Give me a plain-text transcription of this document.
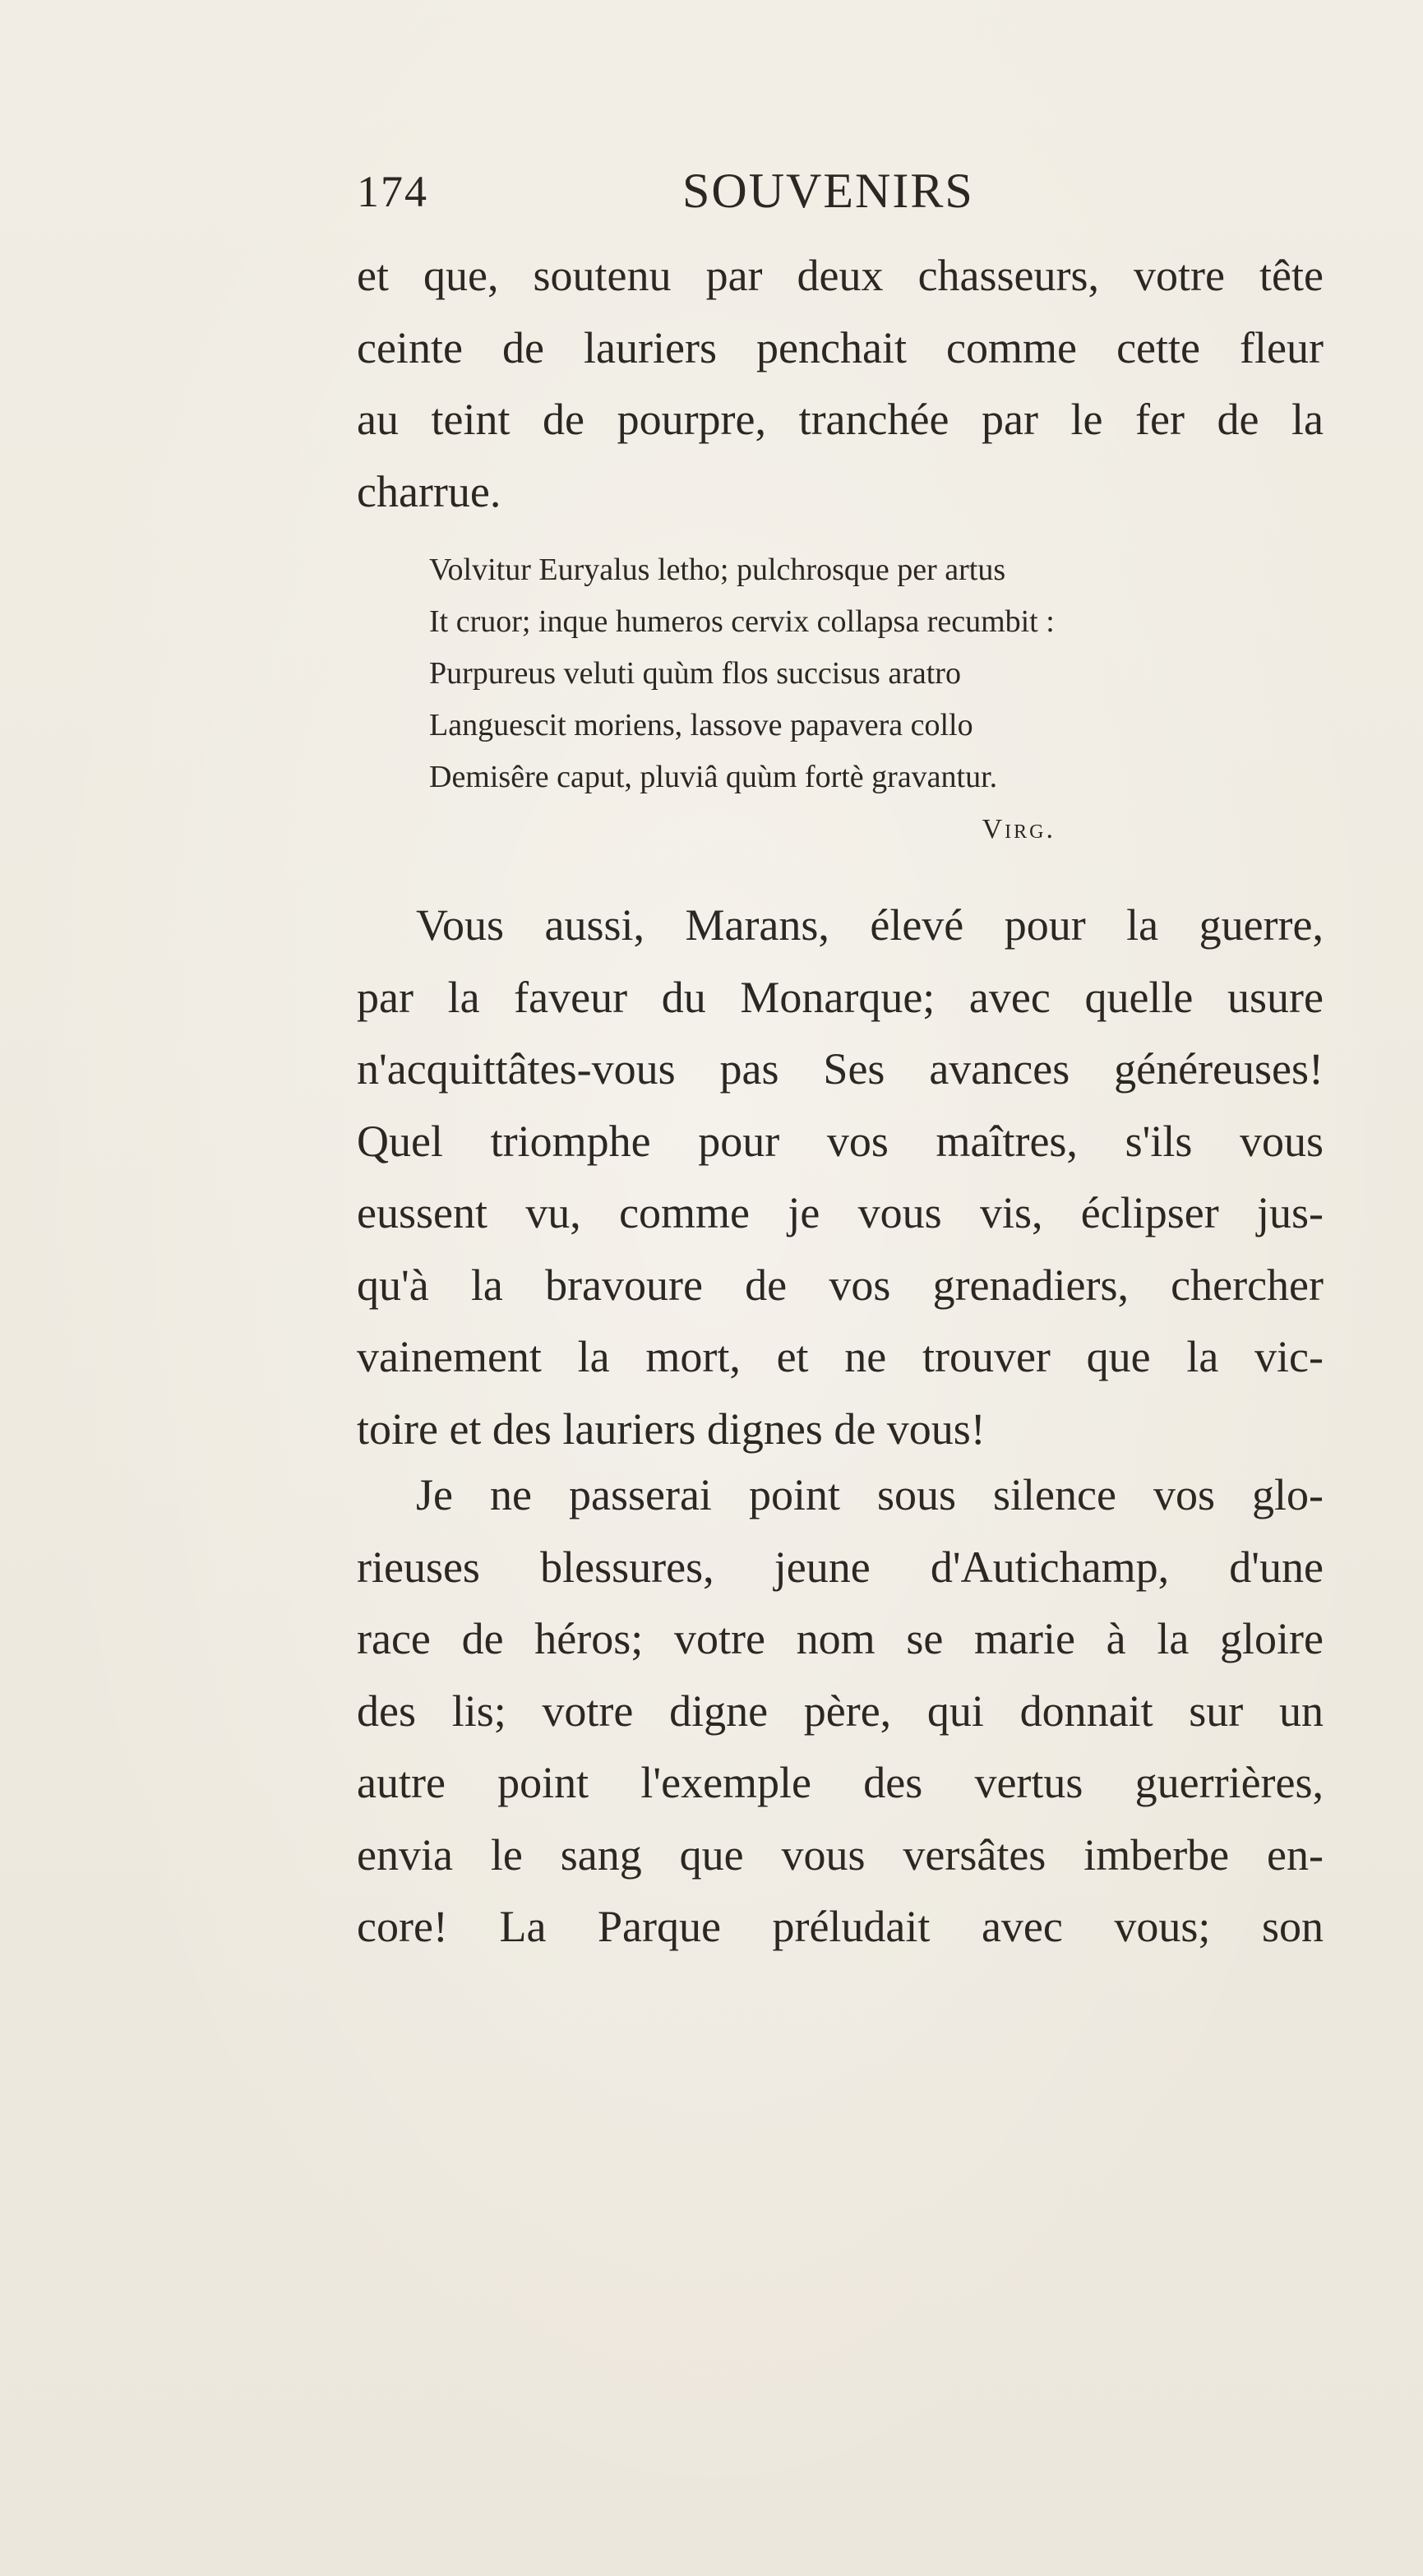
174	SOUVENIRS
et que, soutenu par deux chasseurs, votre tête
ceinte de lauriers penchait comme cette fleur
au teint de pourpre, tranchée par le fer de la
charrue.
Volvitur Euryalus letho; pulchrosque per artus
It cruor; inque humeros cervix collapsa recumbit :
Purpureus veluti quùm flos succisus aratro
Languescit moriens, lassove papavera collo
Demisêre caput, pluviâ quùm fortè gravantur.
Virg.
Vous aussi, Marans, élevé pour la guerre,
par la faveur du Monarque; avec quelle usure
n'acquittâtes-vous pas Ses avances généreuses!
Quel triomphe pour vos maîtres, s'ils vous
eussent vu, comme je vous vis, éclipser jus-
qu'à la bravoure de vos grenadiers, chercher
vainement la mort, et ne trouver que la vic-
toire et des lauriers dignes de vous!
Je ne passerai point sous silence vos glo-
rieuses blessures, jeune d'Autichamp, d'une
race de héros; votre nom se marie à la gloire
des lis; votre digne père, qui donnait sur un
autre point l'exemple des vertus guerrières,
envia le sang que vous versâtes imberbe en-
core! La Parque préludait avec vous; son
